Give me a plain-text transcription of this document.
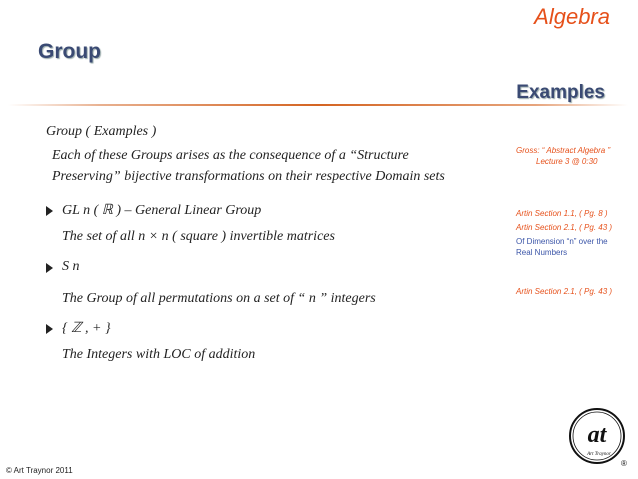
Algebra
Group
Examples
Group ( Examples )
Each of these Groups arises as the consequence of a “Structure
Preserving” bijective transformations on their respective Domain sets
GL n ( ℝ ) – General Linear Group
The set of all n × n ( square ) invertible matrices
S n
The Group of all permutations on a set of “ n ” integers
{ ℤ , + }
The Integers with LOC of addition
Gross: “ Abstract Algebra ”
Lecture 3 @ 0:30
Artin Section 1.1, ( Pg. 8 )
Artin Section 2.1, ( Pg. 43 )
Of Dimension “n” over the
Real Numbers
Artin Section 2.1, ( Pg. 43 )
© Art Traynor 2011
at
Art Traynor
®
